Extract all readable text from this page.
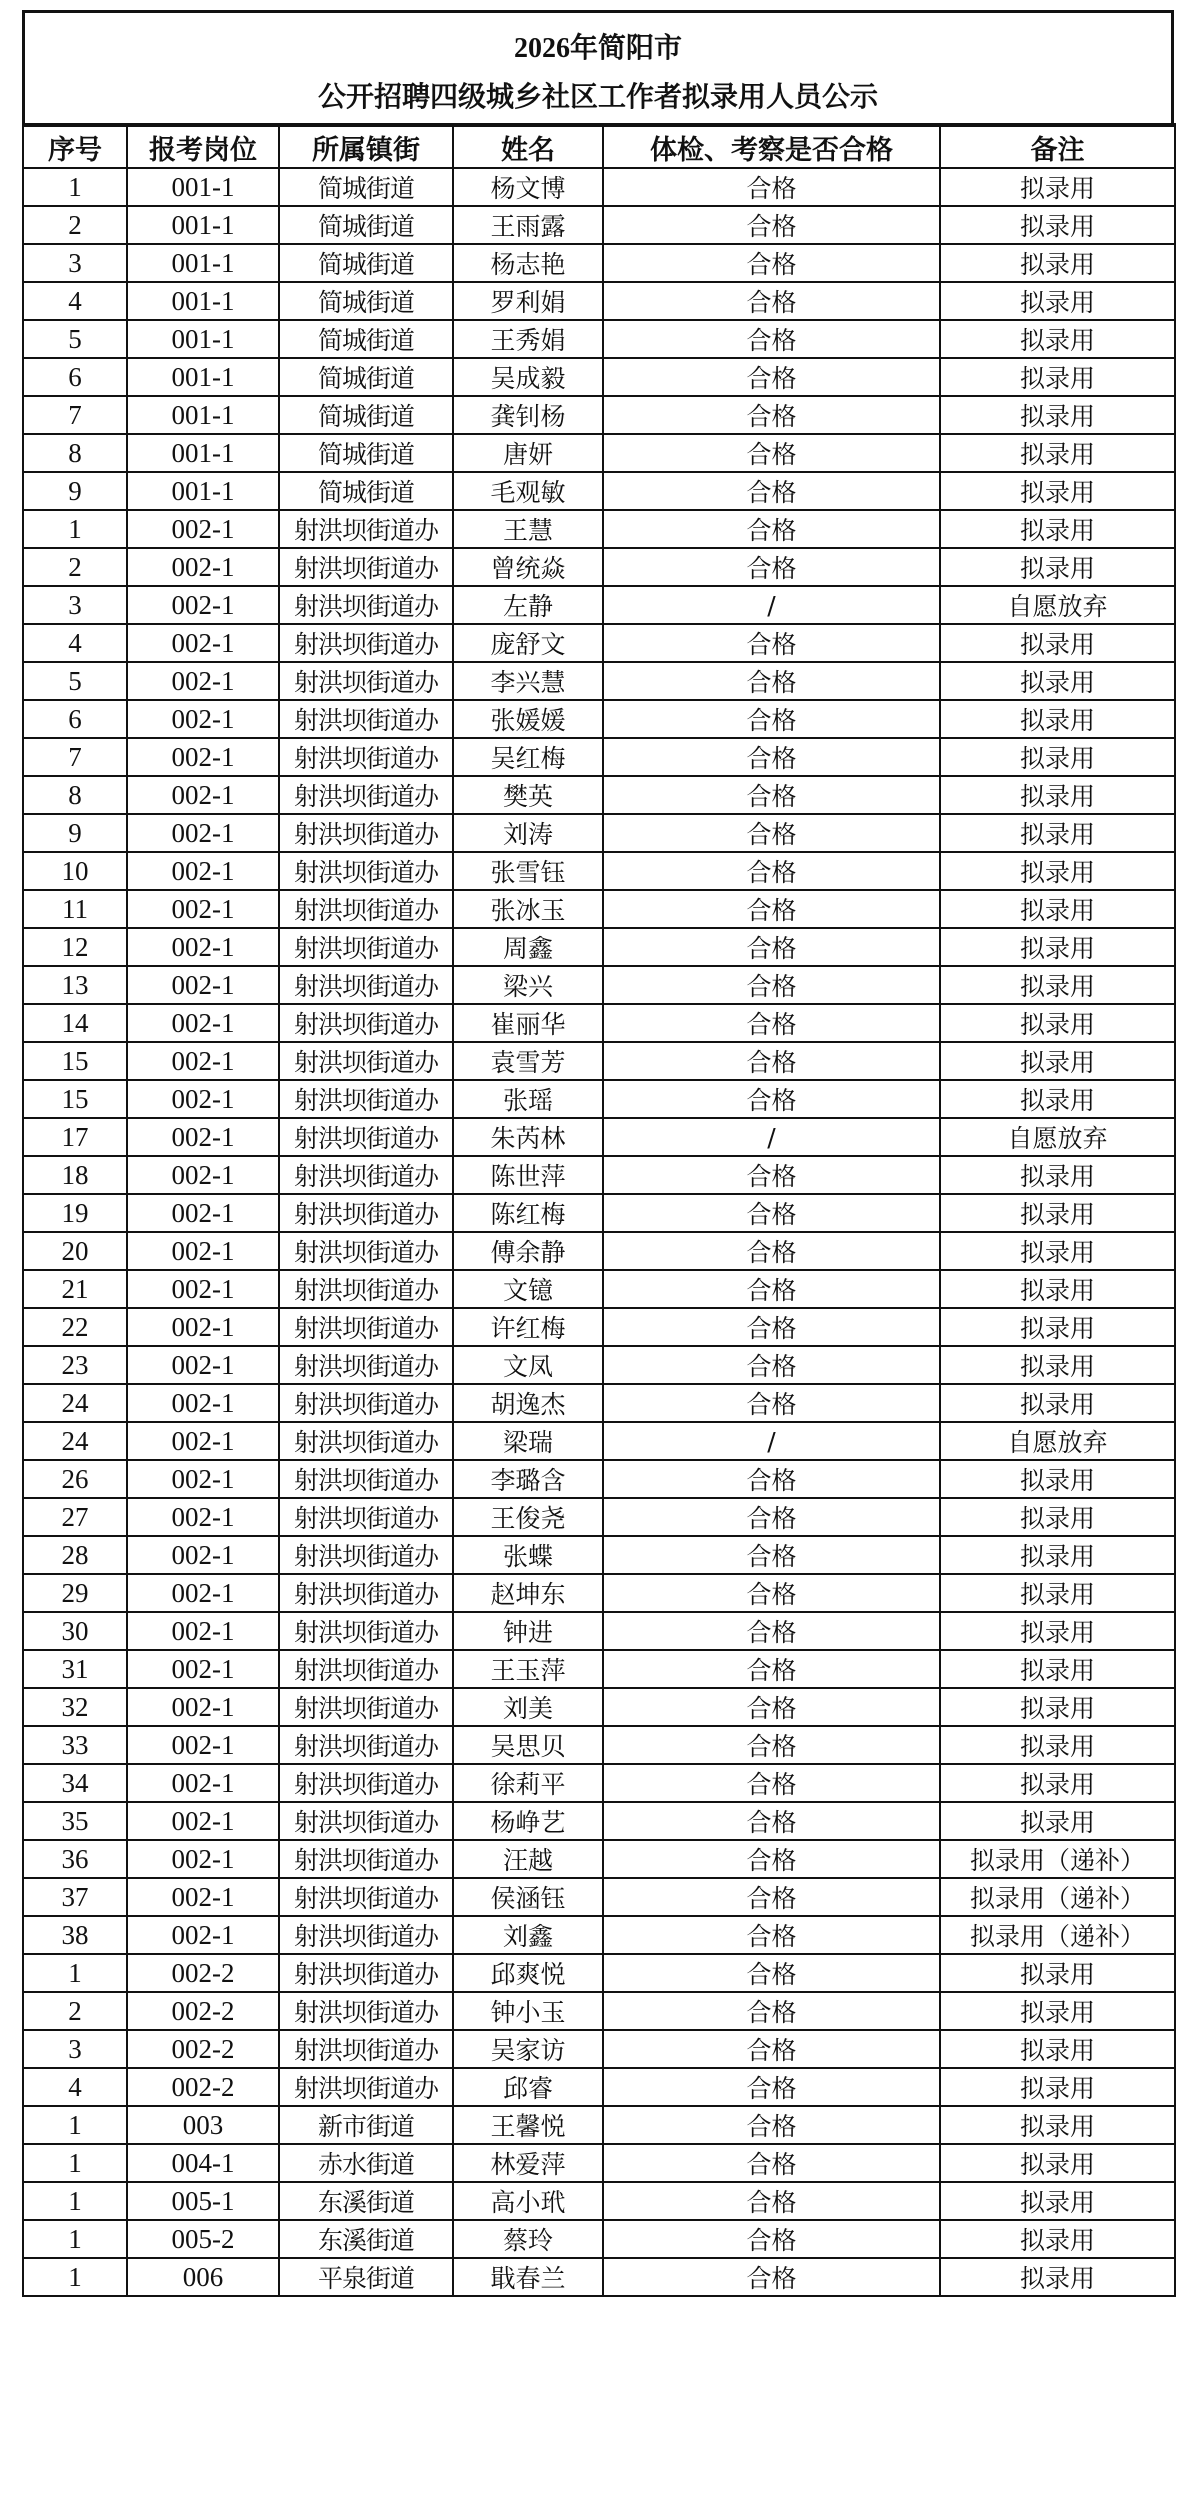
2026年简阳市
公开招聘四级城乡社区工作者拟录用人员公示
序号	报考岗位	所属镇街	姓名	体检、考察是否合格	备注
1	001-1	简城街道	杨文博	合格	拟录用
2	001-1	简城街道	王雨露	合格	拟录用
3	001-1	简城街道	杨志艳	合格	拟录用
4	001-1	简城街道	罗利娟	合格	拟录用
5	001-1	简城街道	王秀娟	合格	拟录用
6	001-1	简城街道	吴成毅	合格	拟录用
7	001-1	简城街道	龚钊杨	合格	拟录用
8	001-1	简城街道	唐妍	合格	拟录用
9	001-1	简城街道	毛观敏	合格	拟录用
1	002-1	射洪坝街道办	王慧	合格	拟录用
2	002-1	射洪坝街道办	曾统焱	合格	拟录用
3	002-1	射洪坝街道办	左静	/	自愿放弃
4	002-1	射洪坝街道办	庞舒文	合格	拟录用
5	002-1	射洪坝街道办	李兴慧	合格	拟录用
6	002-1	射洪坝街道办	张媛媛	合格	拟录用
7	002-1	射洪坝街道办	吴红梅	合格	拟录用
8	002-1	射洪坝街道办	樊英	合格	拟录用
9	002-1	射洪坝街道办	刘涛	合格	拟录用
10	002-1	射洪坝街道办	张雪钰	合格	拟录用
11	002-1	射洪坝街道办	张冰玉	合格	拟录用
12	002-1	射洪坝街道办	周鑫	合格	拟录用
13	002-1	射洪坝街道办	梁兴	合格	拟录用
14	002-1	射洪坝街道办	崔丽华	合格	拟录用
15	002-1	射洪坝街道办	袁雪芳	合格	拟录用
15	002-1	射洪坝街道办	张瑶	合格	拟录用
17	002-1	射洪坝街道办	朱芮林	/	自愿放弃
18	002-1	射洪坝街道办	陈世萍	合格	拟录用
19	002-1	射洪坝街道办	陈红梅	合格	拟录用
20	002-1	射洪坝街道办	傅余静	合格	拟录用
21	002-1	射洪坝街道办	文镱	合格	拟录用
22	002-1	射洪坝街道办	许红梅	合格	拟录用
23	002-1	射洪坝街道办	文凤	合格	拟录用
24	002-1	射洪坝街道办	胡逸杰	合格	拟录用
24	002-1	射洪坝街道办	梁瑞	/	自愿放弃
26	002-1	射洪坝街道办	李璐含	合格	拟录用
27	002-1	射洪坝街道办	王俊尧	合格	拟录用
28	002-1	射洪坝街道办	张蝶	合格	拟录用
29	002-1	射洪坝街道办	赵坤东	合格	拟录用
30	002-1	射洪坝街道办	钟进	合格	拟录用
31	002-1	射洪坝街道办	王玉萍	合格	拟录用
32	002-1	射洪坝街道办	刘美	合格	拟录用
33	002-1	射洪坝街道办	吴思贝	合格	拟录用
34	002-1	射洪坝街道办	徐莉平	合格	拟录用
35	002-1	射洪坝街道办	杨峥艺	合格	拟录用
36	002-1	射洪坝街道办	汪越	合格	拟录用（递补）
37	002-1	射洪坝街道办	侯涵钰	合格	拟录用（递补）
38	002-1	射洪坝街道办	刘鑫	合格	拟录用（递补）
1	002-2	射洪坝街道办	邱爽悦	合格	拟录用
2	002-2	射洪坝街道办	钟小玉	合格	拟录用
3	002-2	射洪坝街道办	吴家访	合格	拟录用
4	002-2	射洪坝街道办	邱睿	合格	拟录用
1	003	新市街道	王馨悦	合格	拟录用
1	004-1	赤水街道	林爱萍	合格	拟录用
1	005-1	东溪街道	高小玳	合格	拟录用
1	005-2	东溪街道	蔡玲	合格	拟录用
1	006	平泉街道	戢春兰	合格	拟录用
